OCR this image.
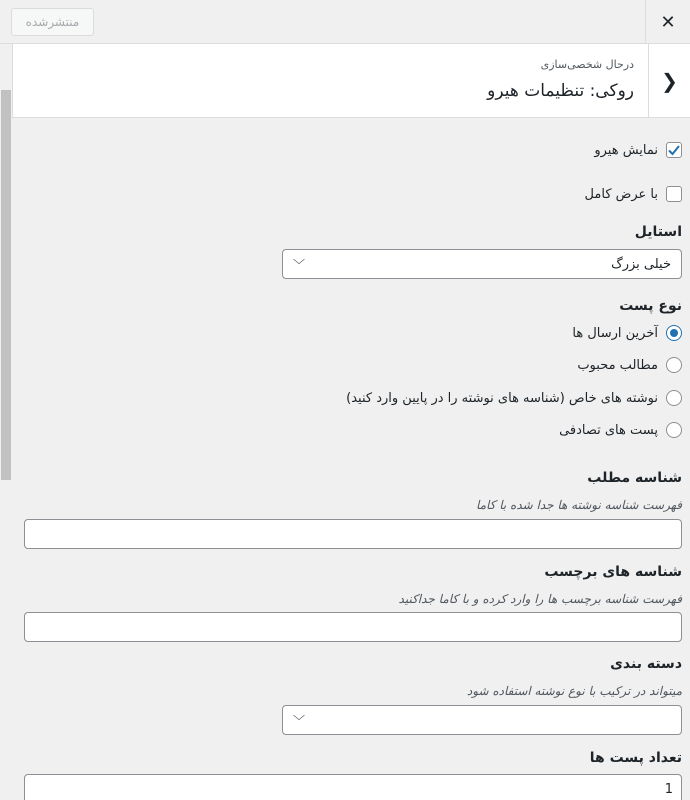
منتشرشده	✕
❯
درحال شخصی‌سازی
روکی: تنظیمات هیرو
نمایش هیرو
با عرض کامل
استایل
خیلی بزرگ
﹀
نوع پست
آخرین ارسال ها
مطالب محبوب
نوشته های خاص (شناسه های نوشته را در پایین وارد کنید)
پست های تصادفی
شناسه مطلب
فهرست شناسه نوشته ها جدا شده با کاما
شناسه های برچسب
فهرست شناسه برچسب ها را وارد کرده و با کاما جداکنید
دسته بندی
میتواند در ترکیب با نوع نوشته استفاده شود
﹀
تعداد پست ها
1
